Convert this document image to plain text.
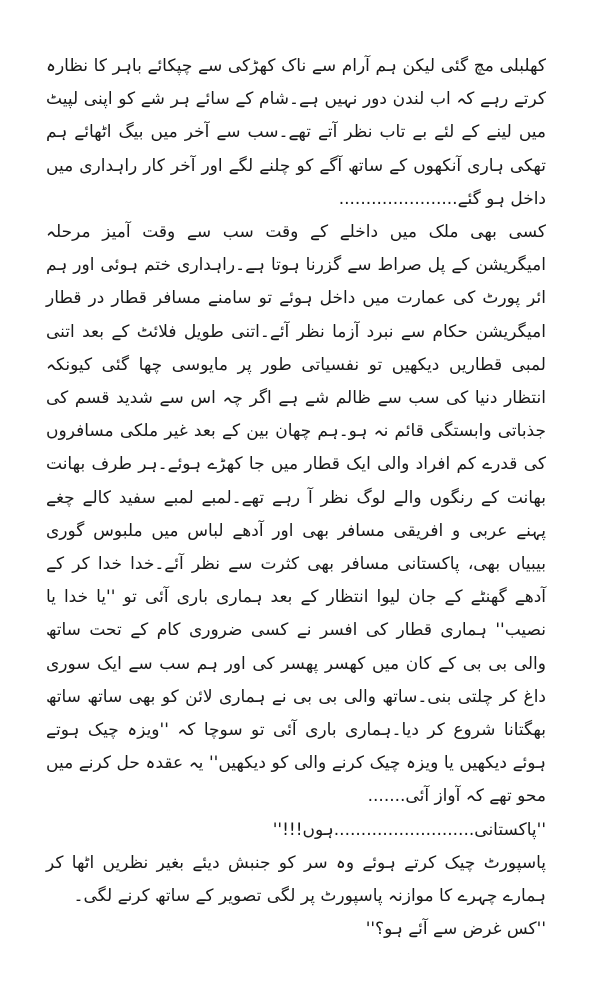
کھلبلی مچ گئی لیکن ہم آرام سے ناک کھڑکی سے چپکائے باہر کا نظارہ کرتے رہے کہ اب لندن دور نہیں ہے۔شام کے سائے ہر شے کو اپنی لپیٹ میں لینے کے لئے بے تاب نظر آتے تھے۔سب سے آخر میں بیگ اٹھائے ہم تھکی ہاری آنکھوں کے ساتھ آگے کو چلنے لگے اور آخر کار راہداری میں داخل ہو گئے......................

کسی بھی ملک میں داخلے کے وقت سب سے وقت آمیز مرحلہ امیگریشن کے پل صراط سے گزرنا ہوتا ہے۔راہداری ختم ہوئی اور ہم ائر پورٹ کی عمارت میں داخل ہوئے تو سامنے مسافر قطار در قطار امیگریشن حکام سے نبرد آزما نظر آئے۔اتنی طویل فلائٹ کے بعد اتنی لمبی قطاریں دیکھیں تو نفسیاتی طور پر مایوسی چھا گئی کیونکہ انتظار دنیا کی سب سے ظالم شے ہے اگر چہ اس سے شدید قسم کی جذباتی وابستگی قائم نہ ہو۔ہم چھان بین کے بعد غیر ملکی مسافروں کی قدرے کم افراد والی ایک قطار میں جا کھڑے ہوئے۔ہر طرف بھانت بھانت کے رنگوں والے لوگ نظر آ رہے تھے۔لمبے لمبے سفید کالے چغے پہنے عربی و افریقی مسافر بھی اور آدھے لباس میں ملبوس گوری بیبیاں بھی، پاکستانی مسافر بھی کثرت سے نظر آئے۔خدا خدا کر کے آدھے گھنٹے کے جان لیوا انتظار کے بعد ہماری باری آئی تو ''یا خدا یا نصیب'' ہماری قطار کی افسر نے کسی ضروری کام کے تحت ساتھ والی بی بی کے کان میں کھسر پھسر کی اور ہم سب سے ایک سوری داغ کر چلتی بنی۔ساتھ والی بی بی نے ہماری لائن کو بھی ساتھ ساتھ بھگتانا شروع کر دیا۔ہماری باری آئی تو سوچا کہ ''ویزہ چیک ہوتے ہوئے دیکھیں یا ویزہ چیک کرنے والی کو دیکھیں'' یہ عقدہ حل کرنے میں محو تھے کہ آواز آئی.......

''پاکستانی..........................ہوں!!!''

پاسپورٹ چیک کرتے ہوئے وہ سر کو جنبش دیئے بغیر نظریں اٹھا کر ہمارے چہرے کا موازنہ پاسپورٹ پر لگی تصویر کے ساتھ کرنے لگی۔

''کس غرض سے آئے ہو؟''
